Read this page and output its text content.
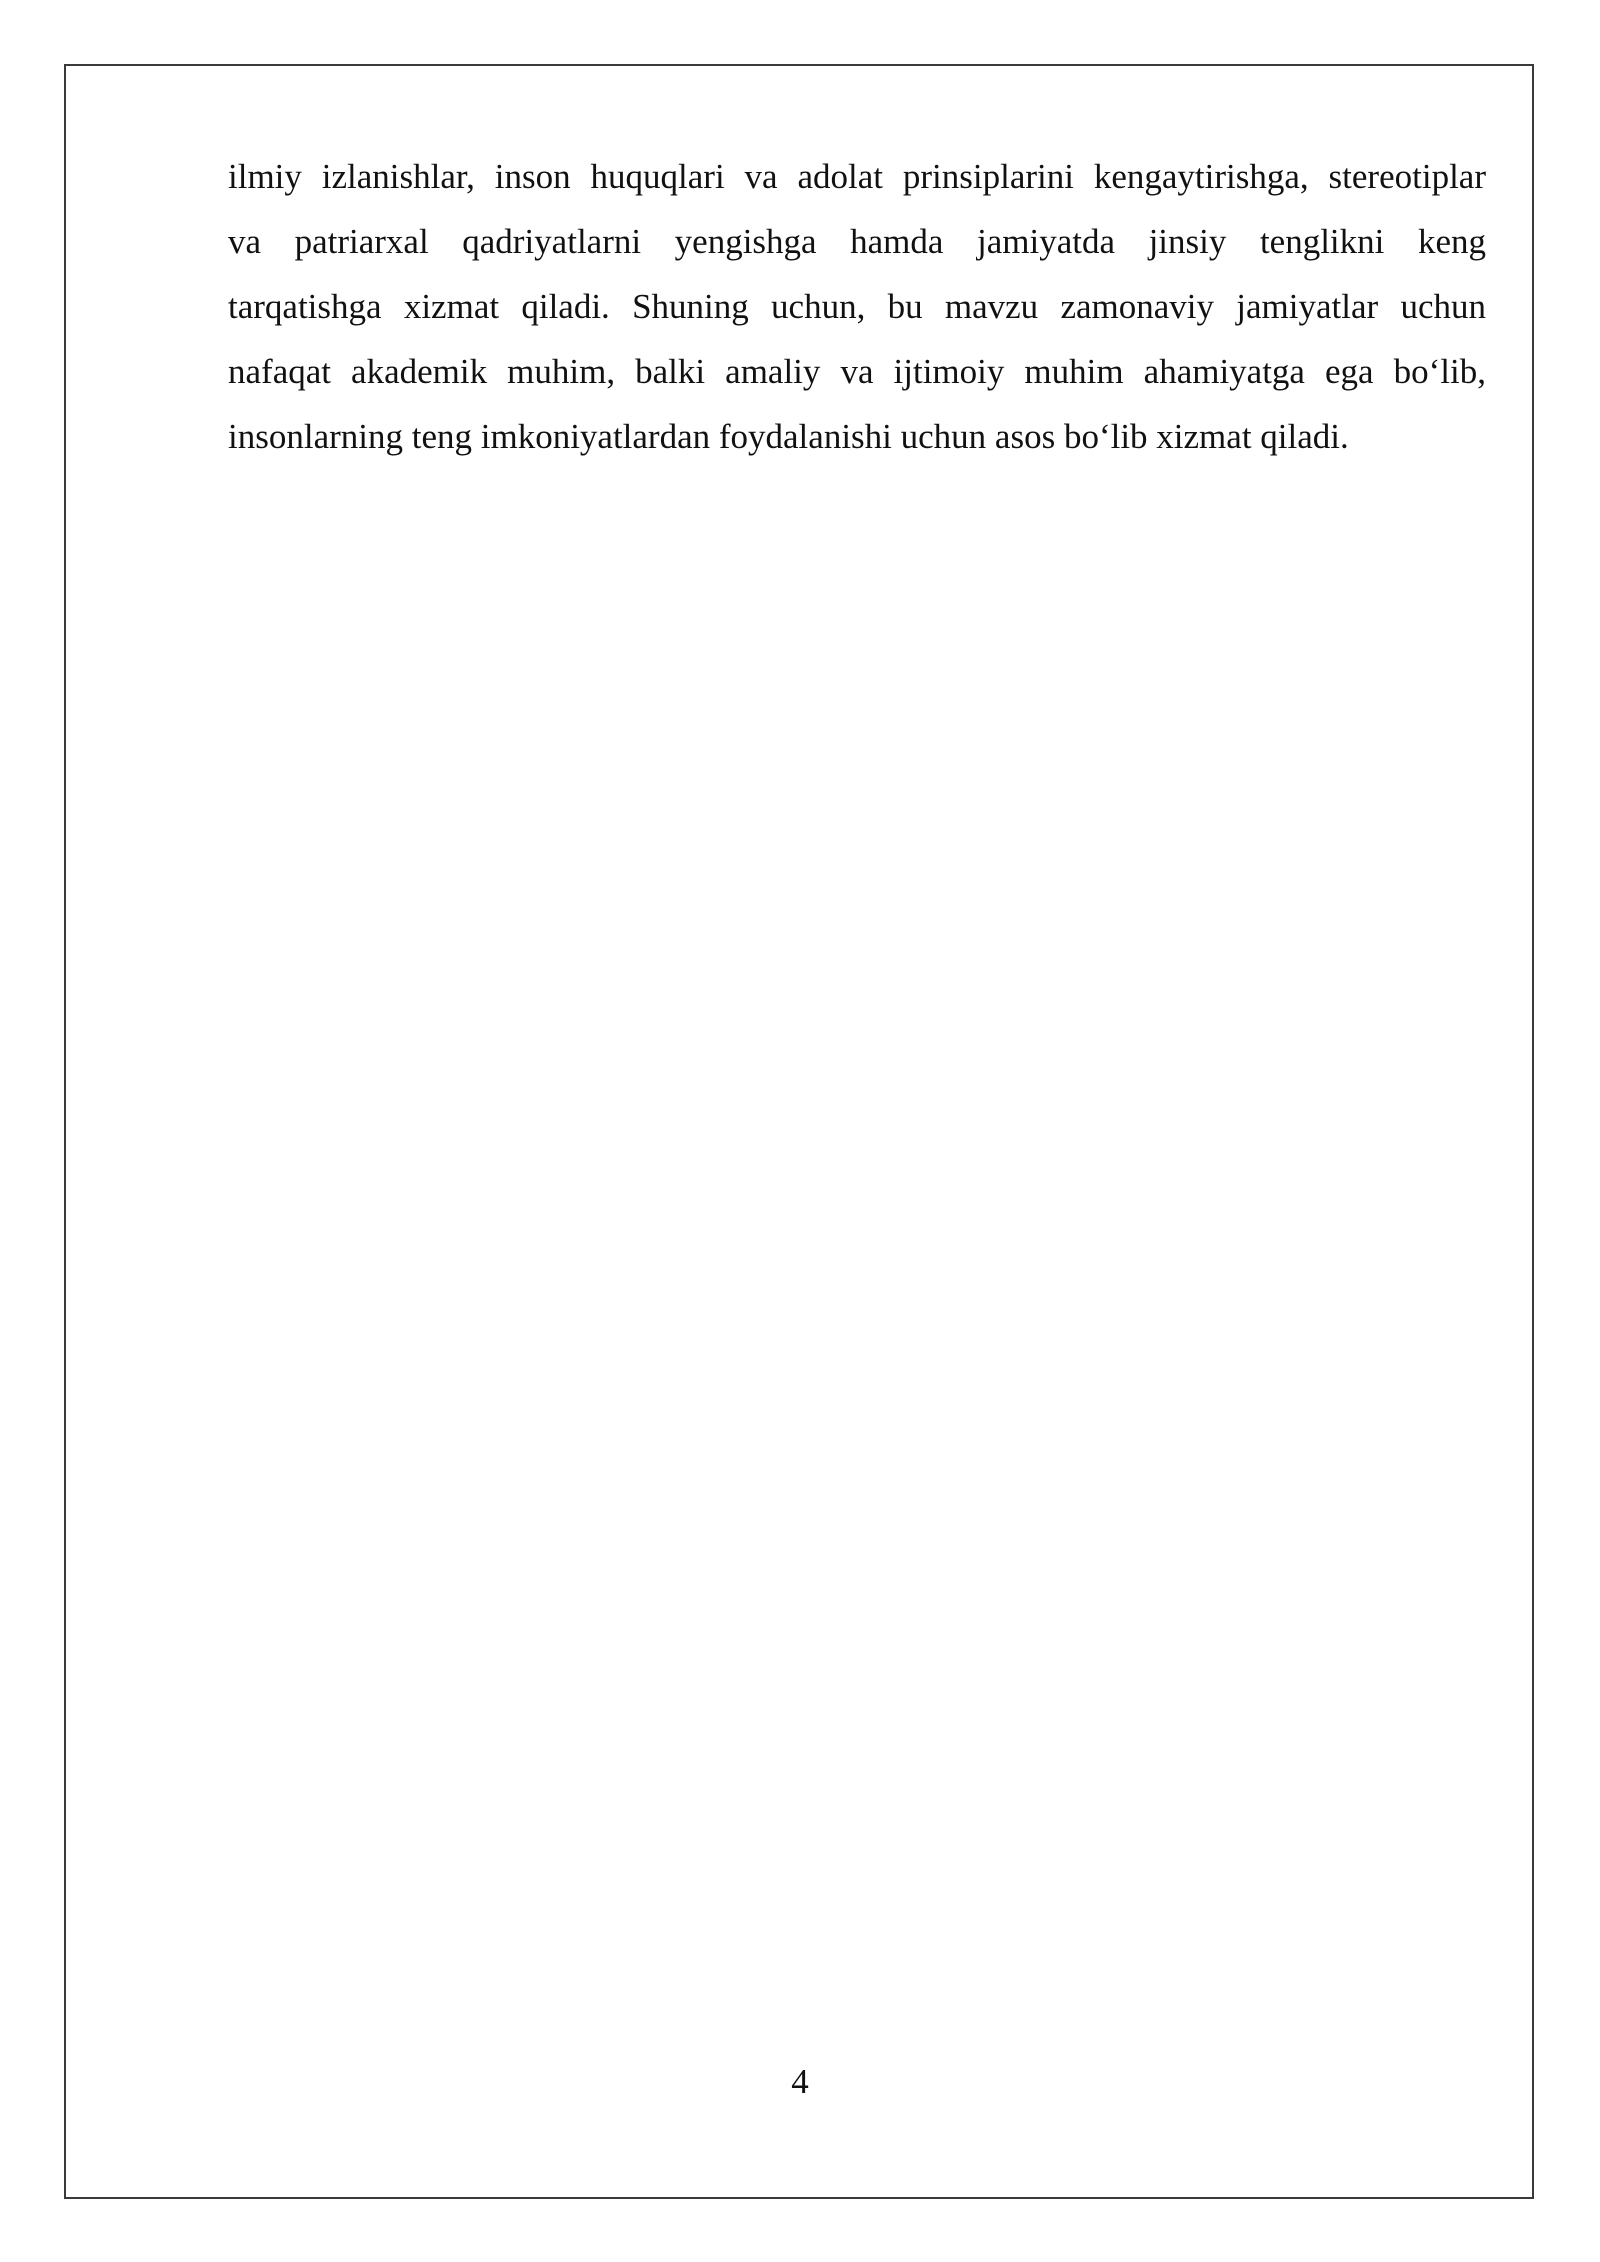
ilmiy izlanishlar, inson huquqlari va adolat prinsiplarini kengaytirishga, stereotiplar
va patriarxal qadriyatlarni yengishga hamda jamiyatda jinsiy tenglikni keng
tarqatishga xizmat qiladi. Shuning uchun, bu mavzu zamonaviy jamiyatlar uchun
nafaqat akademik muhim, balki amaliy va ijtimoiy muhim ahamiyatga ega bo‘lib,
insonlarning teng imkoniyatlardan foydalanishi uchun asos bo‘lib xizmat qiladi.
4
